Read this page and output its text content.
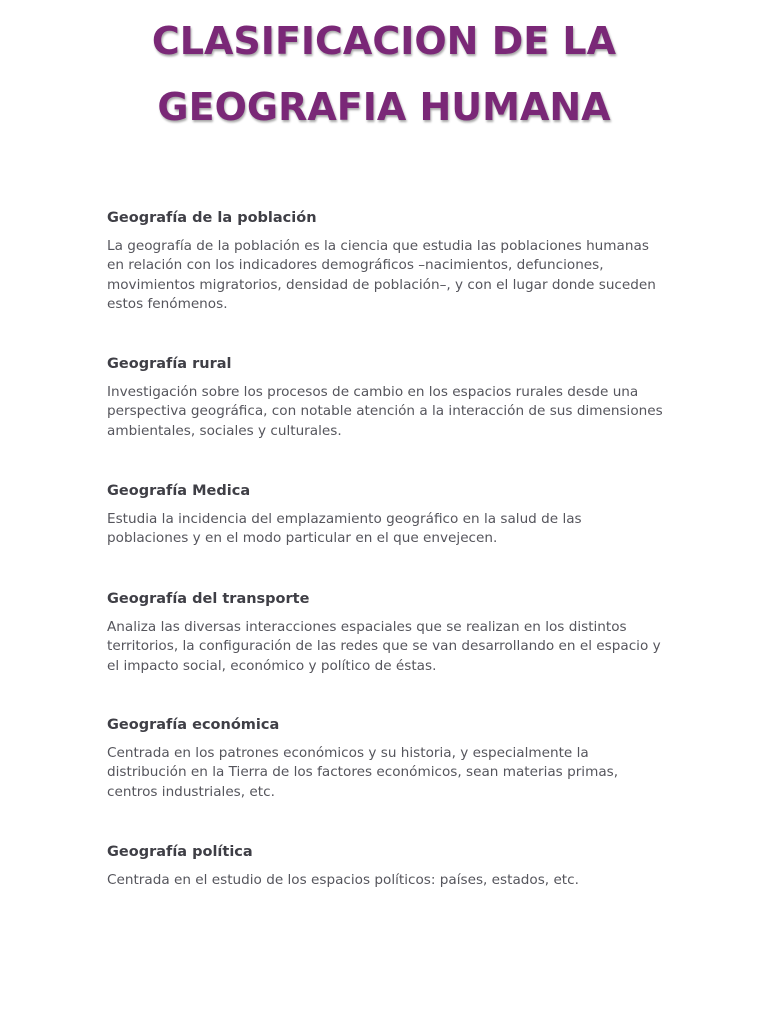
CLASIFICACION DE LA
GEOGRAFIA HUMANA

Geografía de la población

La geografía de la población es la ciencia que estudia las poblaciones humanas en relación con los indicadores demográficos –nacimientos, defunciones, movimientos migratorios, densidad de población–, y con el lugar donde suceden estos fenómenos.

Geografía rural

Investigación sobre los procesos de cambio en los espacios rurales desde una perspectiva geográfica, con notable atención a la interacción de sus dimensiones ambientales, sociales y culturales.

Geografía Medica

Estudia la incidencia del emplazamiento geográfico en la salud de las poblaciones y en el modo particular en el que envejecen.

Geografía del transporte

Analiza las diversas interacciones espaciales que se realizan en los distintos territorios, la configuración de las redes que se van desarrollando en el espacio y el impacto social, económico y político de éstas.

Geografía económica

Centrada en los patrones económicos y su historia, y especialmente la distribución en la Tierra de los factores económicos, sean materias primas, centros industriales, etc.

Geografía política

Centrada en el estudio de los espacios políticos: países, estados, etc.
